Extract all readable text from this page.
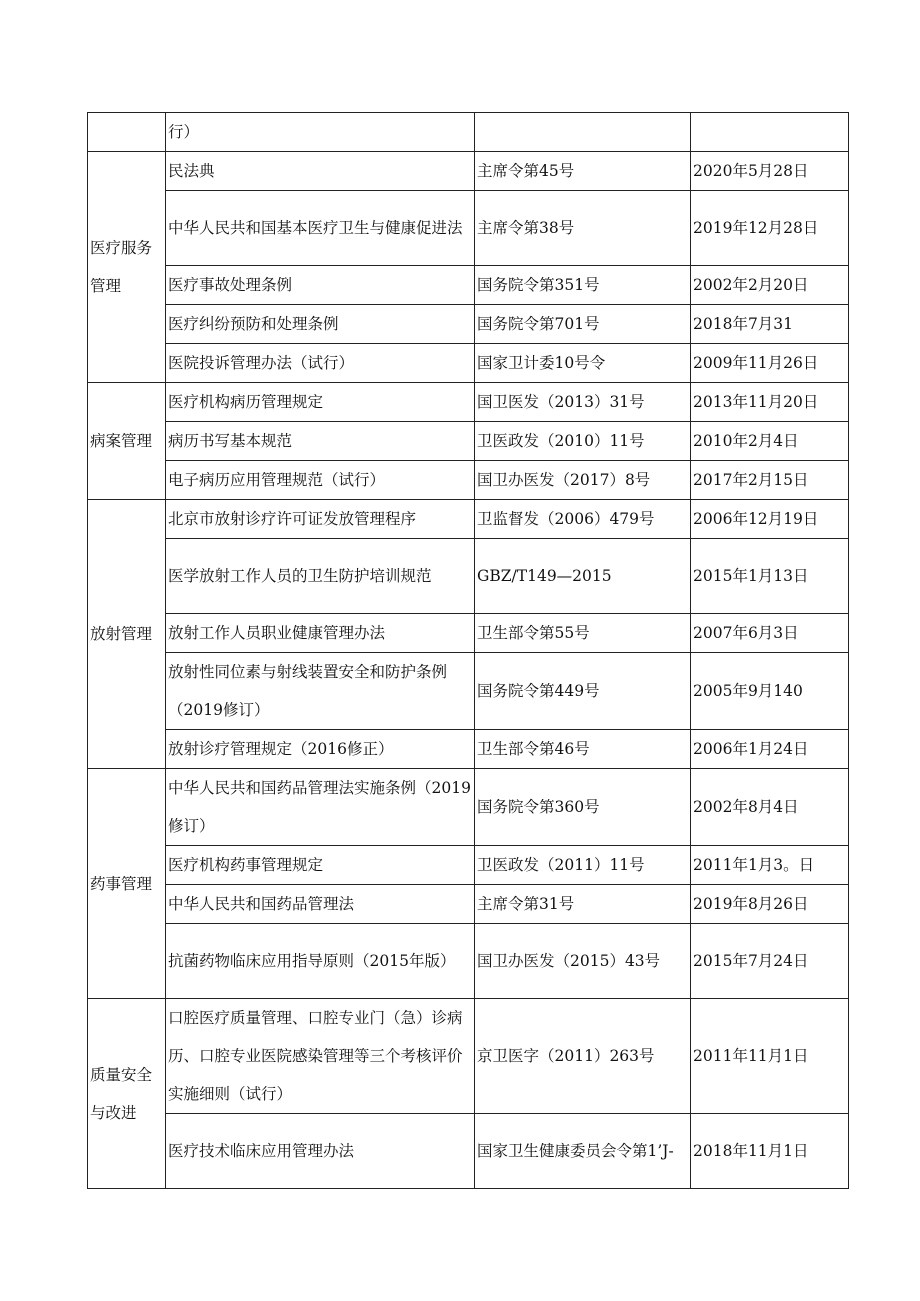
	行）		
医疗服务管理	民法典	主席令第45号	2020年5月28日
	中华人民共和国基本医疗卫生与健康促进法	主席令第38号	2019年12月28日
	医疗事故处理条例	国务院令第351号	2002年2月20日
	医疗纠纷预防和处理条例	国务院令第701号	2018年7月31
	医院投诉管理办法（试行）	国家卫计委10号令	2009年11月26日
病案管理	医疗机构病历管理规定	国卫医发（2013）31号	2013年11月20日
	病历书写基本规范	卫医政发（2010）11号	2010年2月4日
	电子病历应用管理规范（试行）	国卫办医发（2017）8号	2017年2月15日
放射管理	北京市放射诊疗许可证发放管理程序	卫监督发（2006）479号	2006年12月19日
	医学放射工作人员的卫生防护培训规范	GBZ/T149—2015	2015年1月13日
	放射工作人员职业健康管理办法	卫生部令第55号	2007年6月3日
	放射性同位素与射线装置安全和防护条例（2019修订）	国务院令第449号	2005年9月140
	放射诊疗管理规定（2016修正）	卫生部令第46号	2006年1月24日
药事管理	中华人民共和国药品管理法实施条例（2019修订）	国务院令第360号	2002年8月4日
	医疗机构药事管理规定	卫医政发（2011）11号	2011年1月3。日
	中华人民共和国药品管理法	主席令第31号	2019年8月26日
	抗菌药物临床应用指导原则（2015年版）	国卫办医发（2015）43号	2015年7月24日
质量安全与改进	口腔医疗质量管理、口腔专业门（急）诊病历、口腔专业医院感染管理等三个考核评价实施细则（试行）	京卫医字（2011）263号	2011年11月1日
	医疗技术临床应用管理办法	国家卫生健康委员会令第1’J-	2018年11月1日
